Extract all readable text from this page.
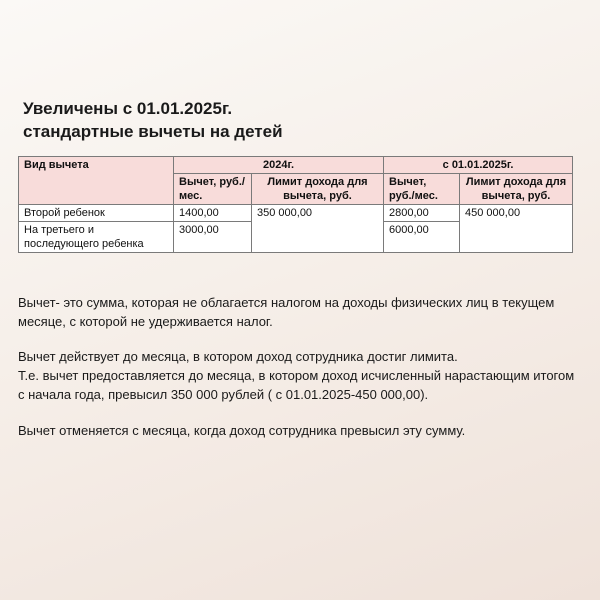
Увеличены с 01.01.2025г.
стандартные вычеты на детей
Вид вычета	2024г.		с 01.01.2025г.	
	Вычет, руб./мес.	Лимит дохода для вычета, руб.	Вычет, руб./мес.	Лимит дохода для вычета, руб.
Второй ребенок	1400,00	350 000,00	2800,00	450 000,00
На третьего и последующего ребенка	3000,00		6000,00	

Вычет- это сумма, которая не облагается налогом на доходы физических лиц в текущем месяце, с которой не удерживается налог.

Вычет действует до месяца, в котором доход сотрудника достиг лимита.
Т.е. вычет предоставляется до месяца, в котором доход исчисленный нарастающим итогом с начала года, превысил 350 000 рублей ( с 01.01.2025-450 000,00).

Вычет отменяется с месяца, когда доход сотрудника превысил эту сумму.
